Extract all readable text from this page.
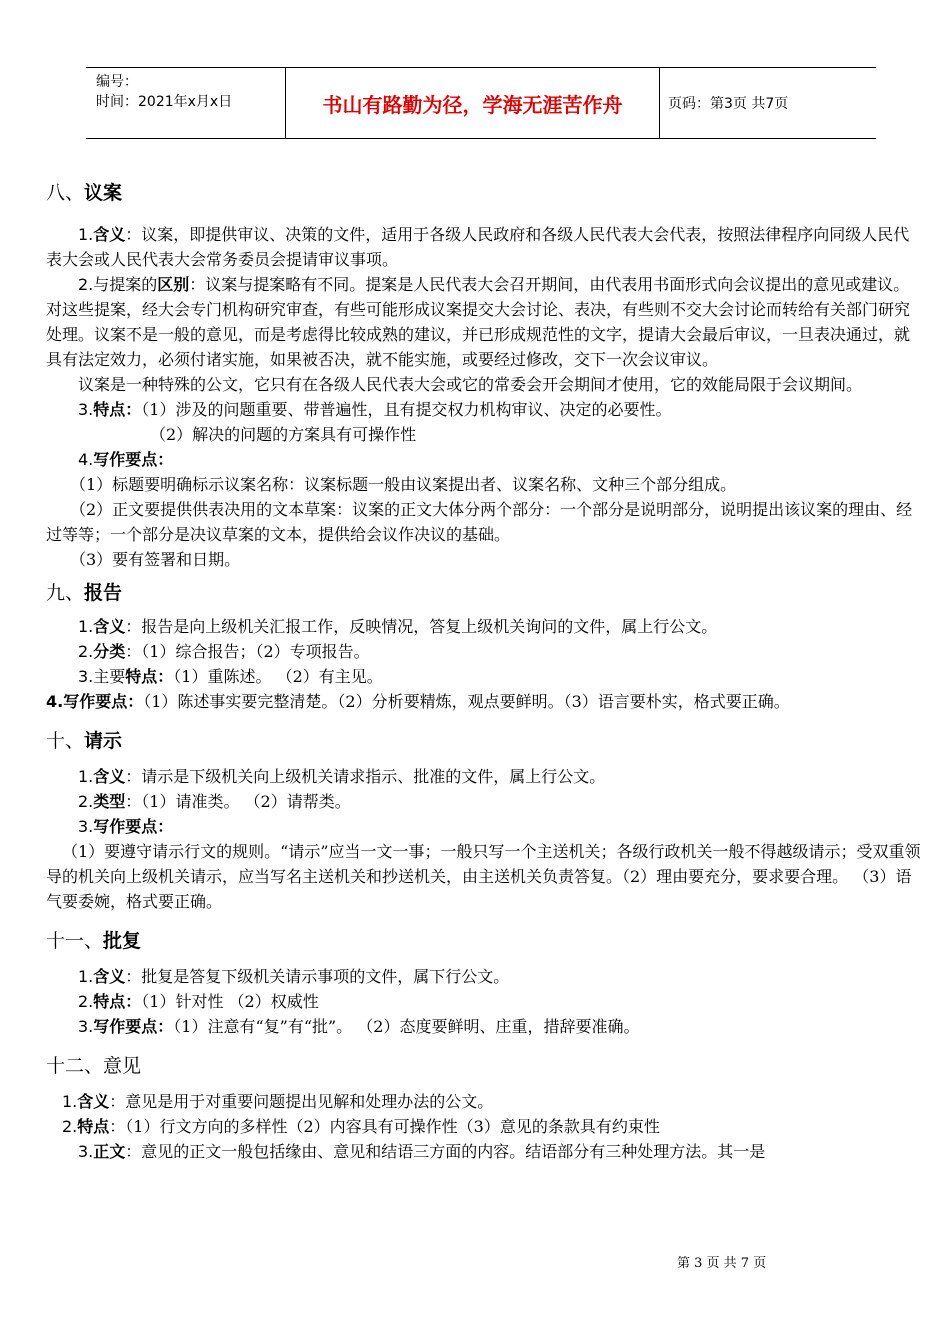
编号：
时间：2021年x月x日	书山有路勤为径，学海无涯苦作舟	页码：第3页 共7页
八、议案

1.含义：议案，即提供审议、决策的文件，适用于各级人民政府和各级人民代表大会代表，按照法律程序向同级人民代表大会或人民代表大会常务委员会提请审议事项。

2.与提案的区别：议案与提案略有不同。提案是人民代表大会召开期间，由代表用书面形式向会议提出的意见或建议。对这些提案，经大会专门机构研究审查，有些可能形成议案提交大会讨论、表决，有些则不交大会讨论而转给有关部门研究处理。议案不是一般的意见，而是考虑得比较成熟的建议，并已形成规范性的文字，提请大会最后审议，一旦表决通过，就具有法定效力，必须付诸实施，如果被否决，就不能实施，或要经过修改，交下一次会议审议。

议案是一种特殊的公文，它只有在各级人民代表大会或它的常委会开会期间才使用，它的效能局限于会议期间。

3.特点：（1）涉及的问题重要、带普遍性，且有提交权力机构审议、决定的必要性。

（2）解决的问题的方案具有可操作性

4.写作要点：

（1）标题要明确标示议案名称：议案标题一般由议案提出者、议案名称、文种三个部分组成。

（2）正文要提供供表决用的文本草案：议案的正文大体分两个部分：一个部分是说明部分，说明提出该议案的理由、经过等等；一个部分是决议草案的文本，提供给会议作决议的基础。

（3）要有签署和日期。

九、报告

1.含义：报告是向上级机关汇报工作，反映情况，答复上级机关询问的文件，属上行公文。

2.分类：（1）综合报告；（2）专项报告。

3.主要特点：（1）重陈述。 （2）有主见。

4.写作要点：（1）陈述事实要完整清楚。（2）分析要精炼，观点要鲜明。（3）语言要朴实，格式要正确。

十、请示

1.含义：请示是下级机关向上级机关请求指示、批准的文件，属上行公文。

2.类型：（1）请准类。 （2）请帮类。

3.写作要点：

（1）要遵守请示行文的规则。“请示”应当一文一事；一般只写一个主送机关；各级行政机关一般不得越级请示；受双重领导的机关向上级机关请示，应当写名主送机关和抄送机关，由主送机关负责答复。（2）理由要充分，要求要合理。 （3）语气要委婉，格式要正确。

十一、批复

1.含义：批复是答复下级机关请示事项的文件，属下行公文。

2.特点：（1）针对性 （2）权威性

3.写作要点：（1）注意有“复”有“批”。 （2）态度要鲜明、庄重，措辞要准确。

十二、意见

1.含义：意见是用于对重要问题提出见解和处理办法的公文。

2.特点：（1）行文方向的多样性（2）内容具有可操作性（3）意见的条款具有约束性

3.正文：意见的正文一般包括缘由、意见和结语三方面的内容。结语部分有三种处理方法。其一是

第 3 页 共 7 页
